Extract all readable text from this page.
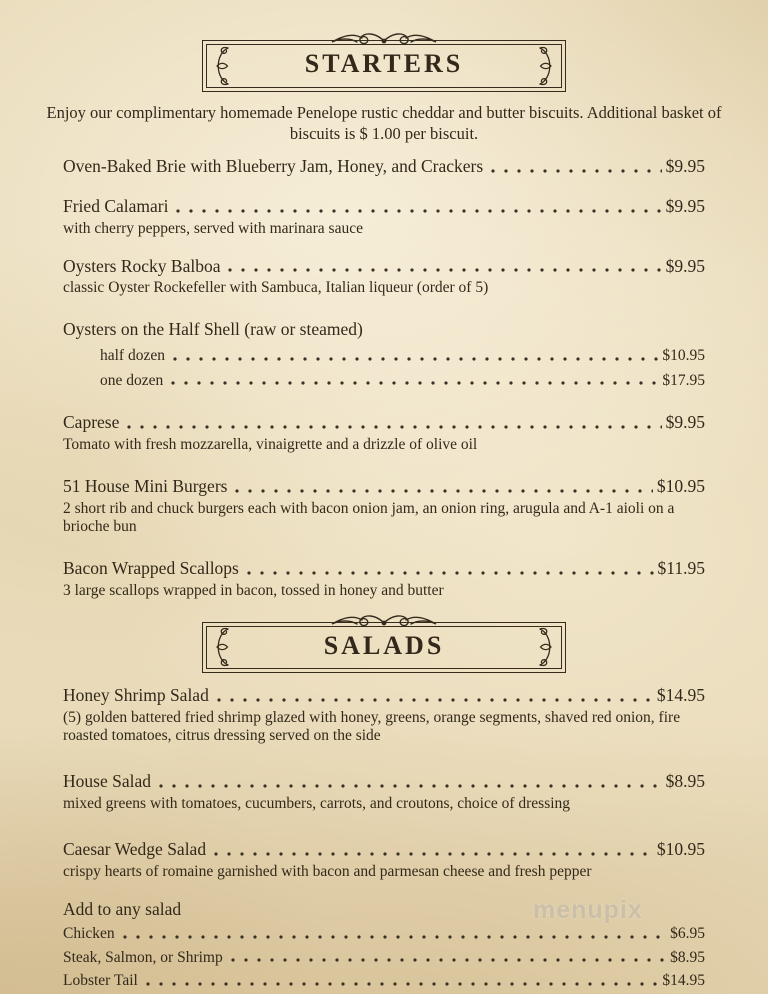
STARTERS

Enjoy our complimentary homemade Penelope rustic cheddar and butter biscuits. Additional basket of biscuits is $ 1.00 per biscuit.

Oven-Baked Brie with Blueberry Jam, Honey, and Crackers	$9.95
Fried Calamari	$9.95
with cherry peppers, served with marinara sauce
Oysters Rocky Balboa	$9.95
classic Oyster Rockefeller with Sambuca, Italian liqueur (order of 5)
Oysters on the Half Shell (raw or steamed)
half dozen	$10.95
one dozen	$17.95
Caprese	$9.95
Tomato with fresh mozzarella, vinaigrette and a drizzle of olive oil
51 House Mini Burgers	$10.95
2 short rib and chuck burgers each with bacon onion jam, an onion ring, arugula and A-1 aioli on a brioche bun
Bacon Wrapped Scallops	$11.95
3 large scallops wrapped in bacon, tossed in honey and butter
SALADS
Honey Shrimp Salad	$14.95
(5) golden battered fried shrimp glazed with honey, greens, orange segments, shaved red onion, fire roasted tomatoes, citrus dressing served on the side
House Salad	$8.95
mixed greens with tomatoes, cucumbers, carrots, and croutons, choice of dressing
Caesar Wedge Salad	$10.95
crispy hearts of romaine garnished with bacon and parmesan cheese and fresh pepper
Add to any salad
Chicken	$6.95
Steak, Salmon, or Shrimp	$8.95
Lobster Tail	$14.95
menupix
